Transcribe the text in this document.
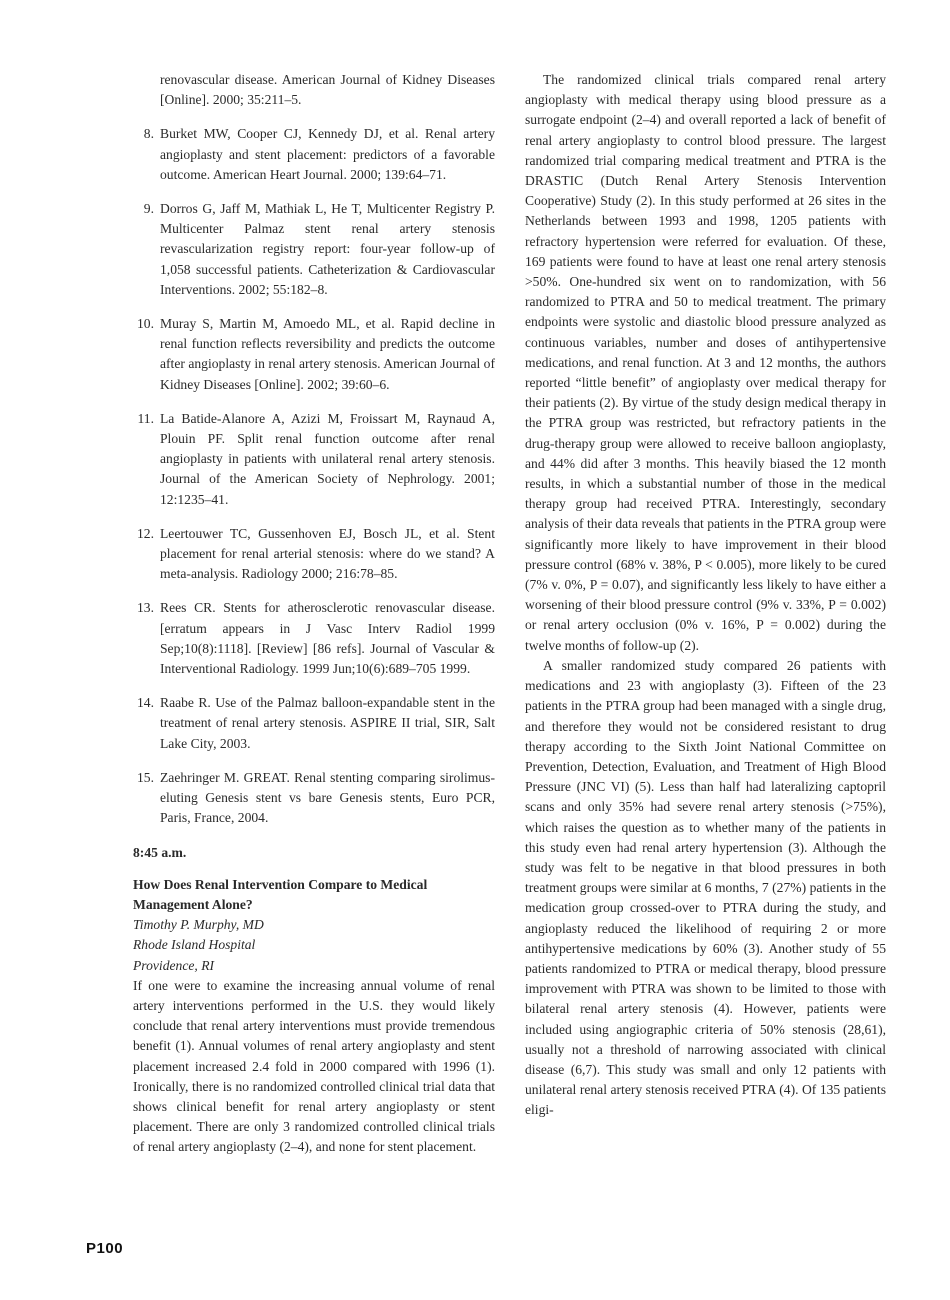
renovascular disease. American Journal of Kidney Diseases [Online]. 2000; 35:211–5.
8. Burket MW, Cooper CJ, Kennedy DJ, et al. Renal artery angioplasty and stent placement: predictors of a favorable outcome. American Heart Journal. 2000; 139:64–71.
9. Dorros G, Jaff M, Mathiak L, He T, Multicenter Registry P. Multicenter Palmaz stent renal artery stenosis revascularization registry report: four-year follow-up of 1,058 successful patients. Catheterization & Cardiovascular Interventions. 2002; 55:182–8.
10. Muray S, Martin M, Amoedo ML, et al. Rapid decline in renal function reflects reversibility and predicts the outcome after angioplasty in renal artery stenosis. American Journal of Kidney Diseases [Online]. 2002; 39:60–6.
11. La Batide-Alanore A, Azizi M, Froissart M, Raynaud A, Plouin PF. Split renal function outcome after renal angioplasty in patients with unilateral renal artery stenosis. Journal of the American Society of Nephrology. 2001; 12:1235–41.
12. Leertouwer TC, Gussenhoven EJ, Bosch JL, et al. Stent placement for renal arterial stenosis: where do we stand? A meta-analysis. Radiology 2000; 216:78–85.
13. Rees CR. Stents for atherosclerotic renovascular disease.[erratum appears in J Vasc Interv Radiol 1999 Sep;10(8):1118]. [Review] [86 refs]. Journal of Vascular & Interventional Radiology. 1999 Jun;10(6):689–705 1999.
14. Raabe R. Use of the Palmaz balloon-expandable stent in the treatment of renal artery stenosis. ASPIRE II trial, SIR, Salt Lake City, 2003.
15. Zaehringer M. GREAT. Renal stenting comparing sirolimus-eluting Genesis stent vs bare Genesis stents, Euro PCR, Paris, France, 2004.
8:45 a.m.
How Does Renal Intervention Compare to Medical Management Alone?
Timothy P. Murphy, MD
Rhode Island Hospital
Providence, RI

If one were to examine the increasing annual volume of renal artery interventions performed in the U.S. they would likely conclude that renal artery interventions must provide tremendous benefit (1). Annual volumes of renal artery angioplasty and stent placement increased 2.4 fold in 2000 compared with 1996 (1). Ironically, there is no randomized controlled clinical trial data that shows clinical benefit for renal artery angioplasty or stent placement. There are only 3 randomized controlled clinical trials of renal artery angioplasty (2–4), and none for stent placement.

The randomized clinical trials compared renal artery angioplasty with medical therapy using blood pressure as a surrogate endpoint (2–4) and overall reported a lack of benefit of renal artery angioplasty to control blood pressure. The largest randomized trial comparing medical treatment and PTRA is the DRASTIC (Dutch Renal Artery Stenosis Intervention Cooperative) Study (2). In this study performed at 26 sites in the Netherlands between 1993 and 1998, 1205 patients with refractory hypertension were referred for evaluation. Of these, 169 patients were found to have at least one renal artery stenosis >50%. One-hundred six went on to randomization, with 56 randomized to PTRA and 50 to medical treatment. The primary endpoints were systolic and diastolic blood pressure analyzed as continuous variables, number and doses of antihypertensive medications, and renal function. At 3 and 12 months, the authors reported “little benefit” of angioplasty over medical therapy for their patients (2). By virtue of the study design medical therapy in the PTRA group was restricted, but refractory patients in the drug-therapy group were allowed to receive balloon angioplasty, and 44% did after 3 months. This heavily biased the 12 month results, in which a substantial number of those in the medical therapy group had received PTRA. Interestingly, secondary analysis of their data reveals that patients in the PTRA group were significantly more likely to have improvement in their blood pressure control (68% v. 38%, P < 0.005), more likely to be cured (7% v. 0%, P = 0.07), and significantly less likely to have either a worsening of their blood pressure control (9% v. 33%, P = 0.002) or renal artery occlusion (0% v. 16%, P = 0.002) during the twelve months of follow-up (2).

A smaller randomized study compared 26 patients with medications and 23 with angioplasty (3). Fifteen of the 23 patients in the PTRA group had been managed with a single drug, and therefore they would not be considered resistant to drug therapy according to the Sixth Joint National Committee on Prevention, Detection, Evaluation, and Treatment of High Blood Pressure (JNC VI) (5). Less than half had lateralizing captopril scans and only 35% had severe renal artery stenosis (>75%), which raises the question as to whether many of the patients in this study even had renal artery hypertension (3). Although the study was felt to be negative in that blood pressures in both treatment groups were similar at 6 months, 7 (27%) patients in the medication group crossed-over to PTRA during the study, and angioplasty reduced the likelihood of requiring 2 or more antihypertensive medications by 60% (3). Another study of 55 patients randomized to PTRA or medical therapy, blood pressure improvement with PTRA was shown to be limited to those with bilateral renal artery stenosis (4). However, patients were included using angiographic criteria of 50% stenosis (28,61), usually not a threshold of narrowing associated with clinical disease (6,7). This study was small and only 12 patients with unilateral renal artery stenosis received PTRA (4). Of 135 patients eligi-

P100
